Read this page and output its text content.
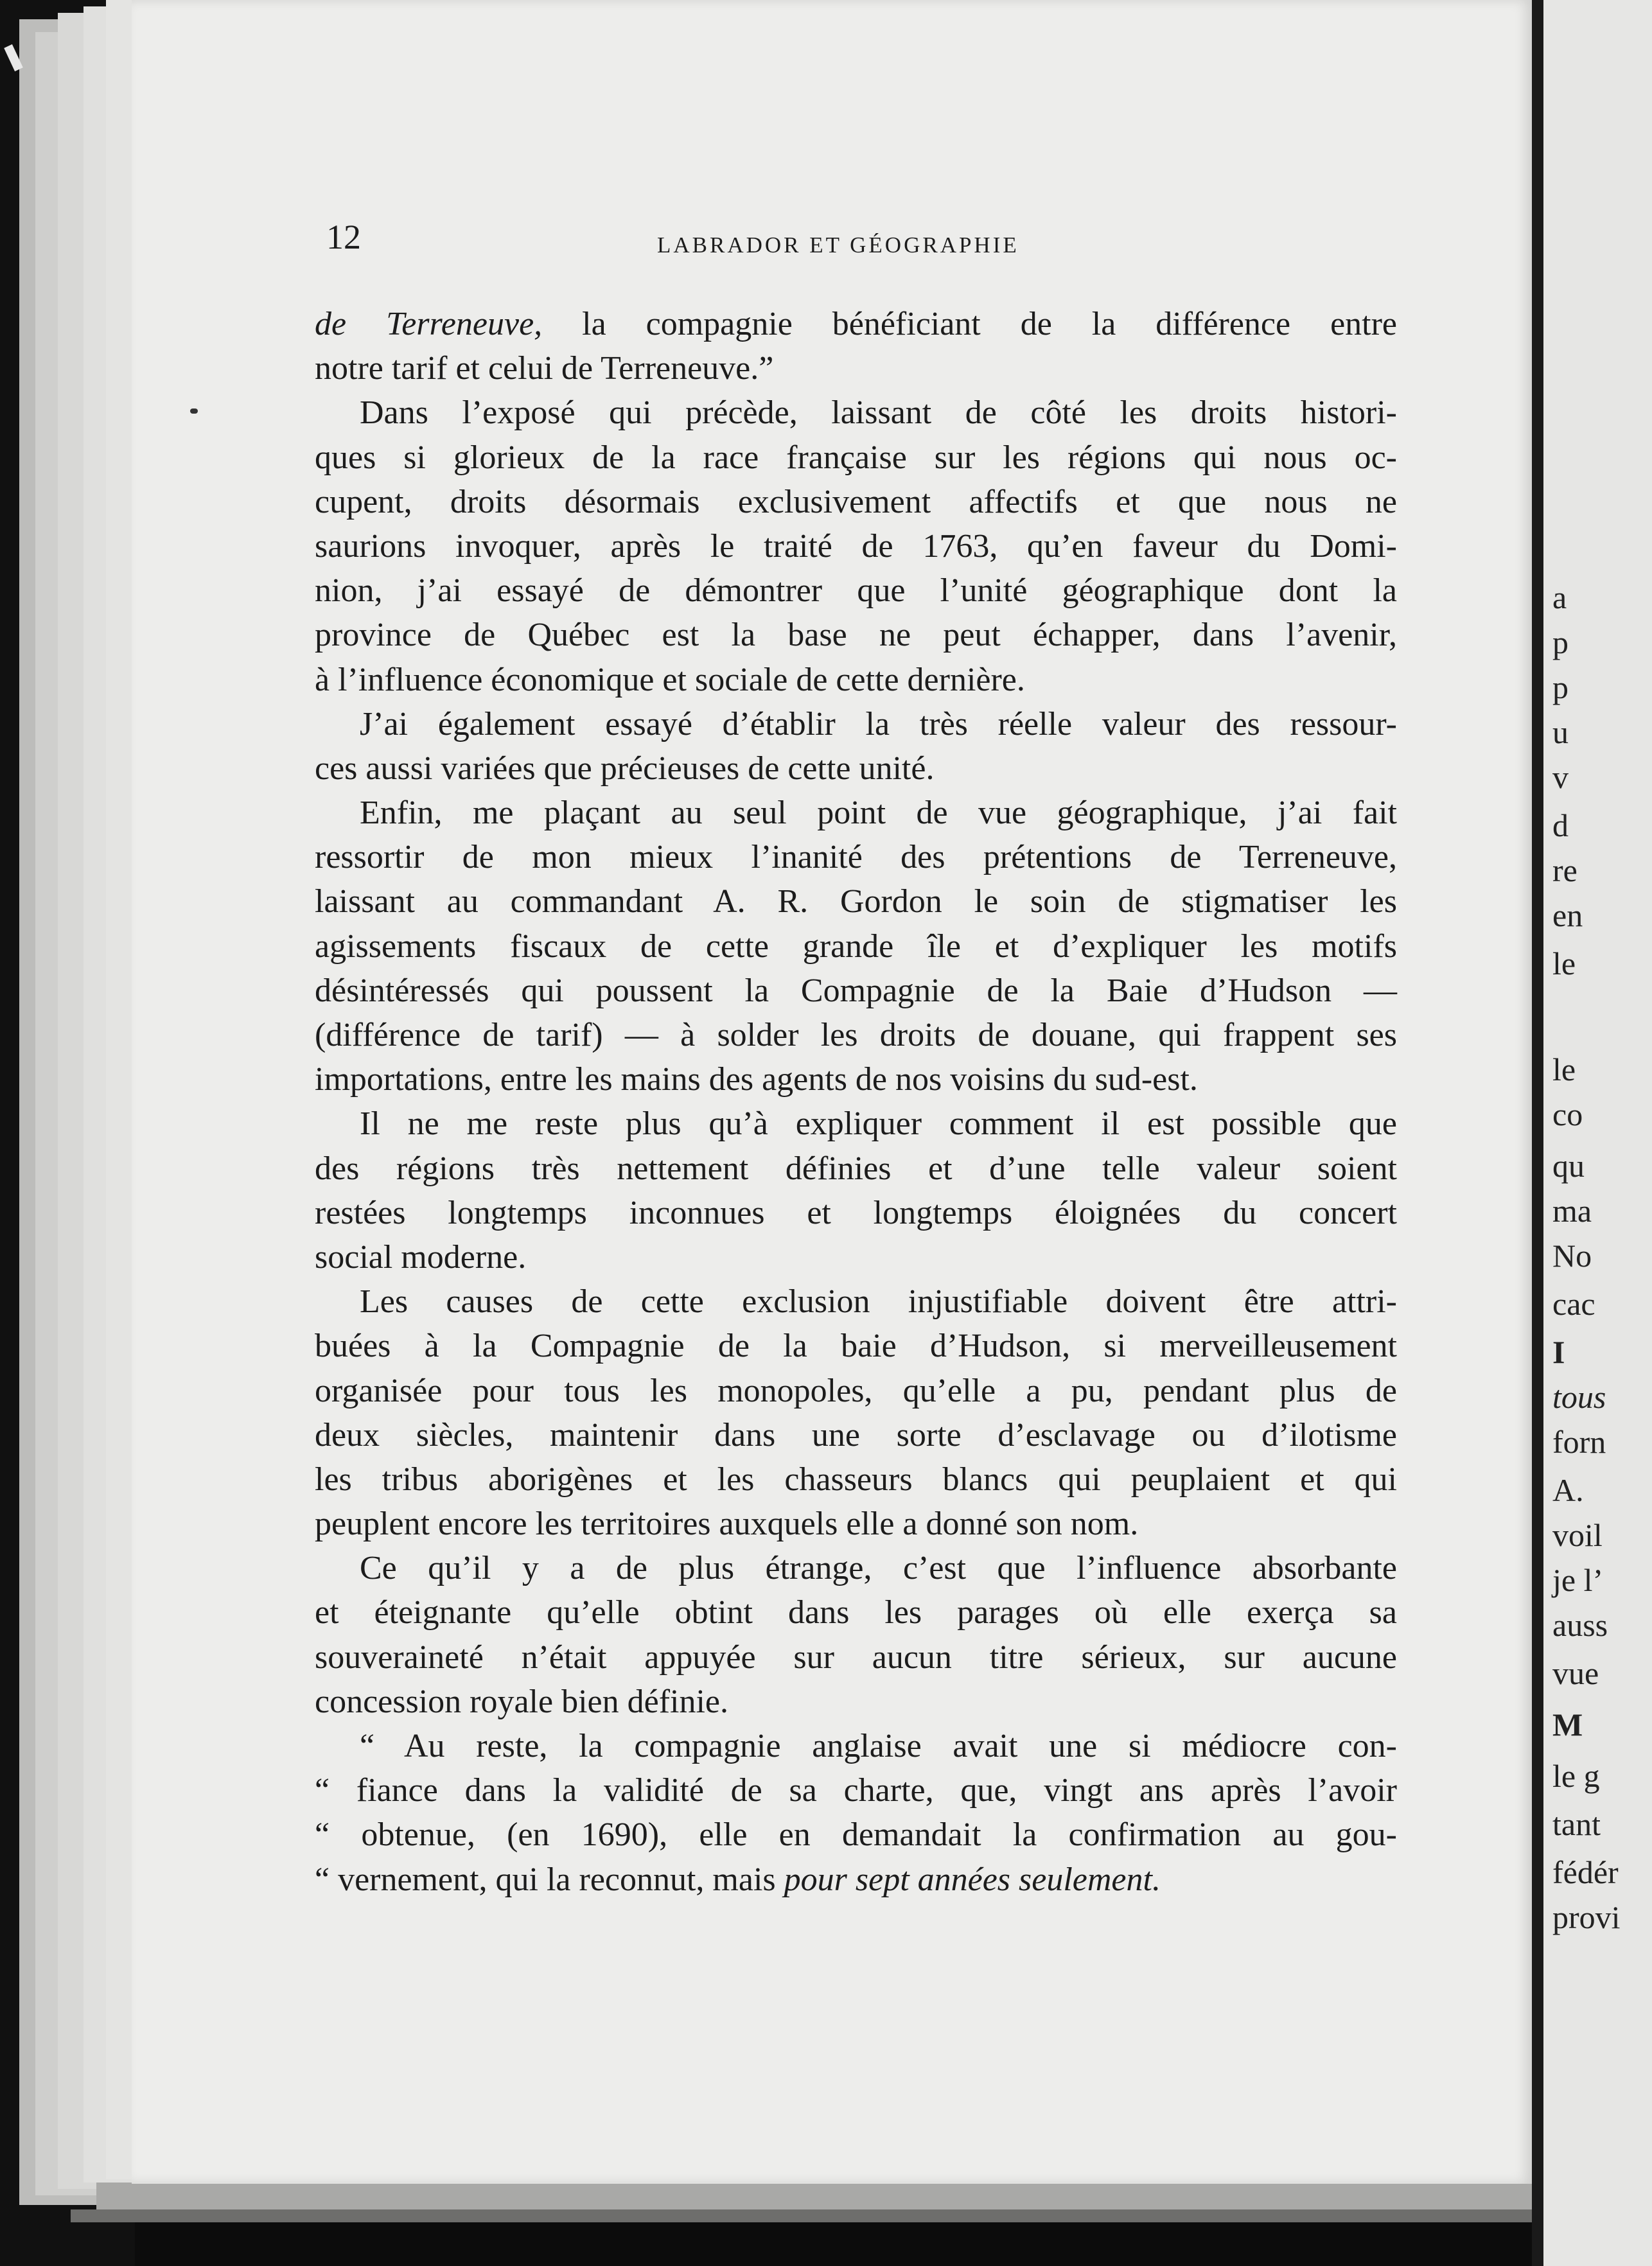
12	LABRADOR ET GÉOGRAPHIE
de Terreneuve, la compagnie bénéficiant de la différence entre
notre tarif et celui de Terreneuve.”
Dans l’exposé qui précède, laissant de côté les droits histori-
ques si glorieux de la race française sur les régions qui nous oc-
cupent, droits désormais exclusivement affectifs et que nous ne
saurions invoquer, après le traité de 1763, qu’en faveur du Domi-
nion, j’ai essayé de démontrer que l’unité géographique dont la
province de Québec est la base ne peut échapper, dans l’avenir,
à l’influence économique et sociale de cette dernière.
J’ai également essayé d’établir la très réelle valeur des ressour-
ces aussi variées que précieuses de cette unité.
Enfin, me plaçant au seul point de vue géographique, j’ai fait
ressortir de mon mieux l’inanité des prétentions de Terreneuve,
laissant au commandant A. R. Gordon le soin de stigmatiser les
agissements fiscaux de cette grande île et d’expliquer les motifs
désintéressés qui poussent la Compagnie de la Baie d’Hudson —
(différence de tarif) — à solder les droits de douane, qui frappent ses
importations, entre les mains des agents de nos voisins du sud-est.
Il ne me reste plus qu’à expliquer comment il est possible que
des régions très nettement définies et d’une telle valeur soient
restées longtemps inconnues et longtemps éloignées du concert
social moderne.
Les causes de cette exclusion injustifiable doivent être attri-
buées à la Compagnie de la baie d’Hudson, si merveilleusement
organisée pour tous les monopoles, qu’elle a pu, pendant plus de
deux siècles, maintenir dans une sorte d’esclavage ou d’ilotisme
les tribus aborigènes et les chasseurs blancs qui peuplaient et qui
peuplent encore les territoires auxquels elle a donné son nom.
Ce qu’il y a de plus étrange, c’est que l’influence absorbante
et éteignante qu’elle obtint dans les parages où elle exerça sa
souveraineté n’était appuyée sur aucun titre sérieux, sur aucune
concession royale bien définie.
“ Au reste, la compagnie anglaise avait une si médiocre con-
“ fiance dans la validité de sa charte, que, vingt ans après l’avoir
“ obtenue, (en 1690), elle en demandait la confirmation au gou-
“ vernement, qui la reconnut, mais pour sept années seulement.
a
p
p
u
v
d
re
en
le
le
co
qu
ma
No
cac
I
tous
forn
A.
voil
je l’
auss
vue
M
le g
tant
fédér
provi
